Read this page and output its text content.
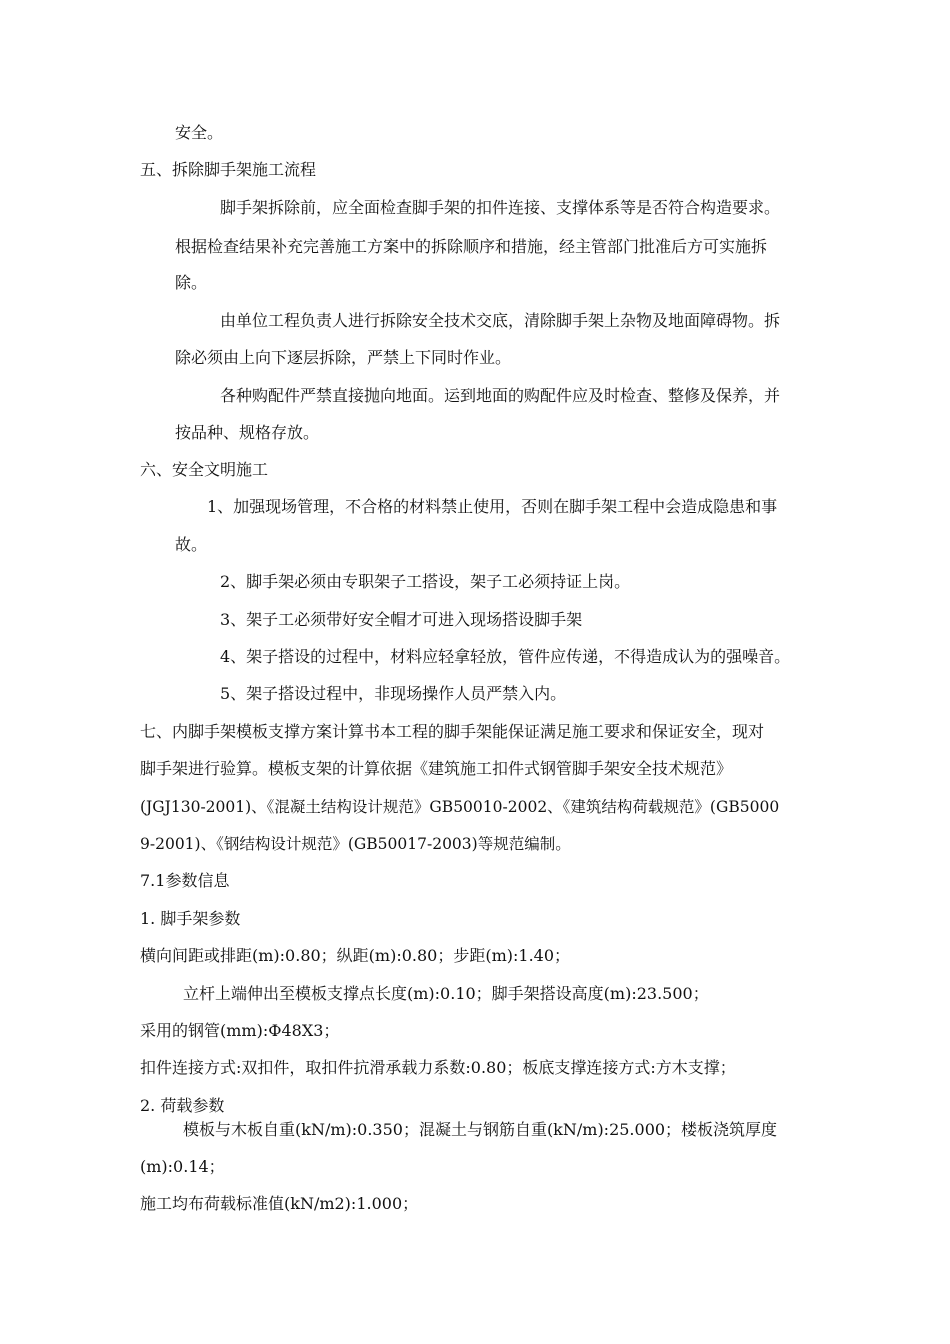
安全。

五、拆除脚手架施工流程

脚手架拆除前，应全面检查脚手架的扣件连接、支撑体系等是否符合构造要求。

根据检查结果补充完善施工方案中的拆除顺序和措施，经主管部门批准后方可实施拆

除。

由单位工程负责人进行拆除安全技术交底，清除脚手架上杂物及地面障碍物。拆

除必须由上向下逐层拆除，严禁上下同时作业。

各种购配件严禁直接抛向地面。运到地面的购配件应及时检查、整修及保养，并

按品种、规格存放。

六、安全文明施工

1、加强现场管理，不合格的材料禁止使用，否则在脚手架工程中会造成隐患和事

故。

2、脚手架必须由专职架子工搭设，架子工必须持证上岗。

3、架子工必须带好安全帽才可进入现场搭设脚手架

4、架子搭设的过程中，材料应轻拿轻放，管件应传递，不得造成认为的强噪音。

5、架子搭设过程中，非现场操作人员严禁入内。

七、内脚手架模板支撑方案计算书本工程的脚手架能保证满足施工要求和保证安全，现对

脚手架进行验算。模板支架的计算依据《建筑施工扣件式钢管脚手架安全技术规范》

(JGJ130-2001)、《混凝土结构设计规范》GB50010-2002、《建筑结构荷载规范》(GB5000

9-2001)、《钢结构设计规范》(GB50017-2003)等规范编制。

7.1参数信息

1. 脚手架参数

横向间距或排距(m):0.80；纵距(m):0.80；步距(m):1.40；

立杆上端伸出至模板支撑点长度(m):0.10；脚手架搭设高度(m):23.500；

采用的钢管(mm):Ф48X3；

扣件连接方式:双扣件，取扣件抗滑承载力系数:0.80；板底支撑连接方式:方木支撑；

2. 荷载参数

模板与木板自重(kN/m):0.350；混凝土与钢筋自重(kN/m):25.000；楼板浇筑厚度

(m):0.14；

施工均布荷载标准值(kN/m2):1.000；
